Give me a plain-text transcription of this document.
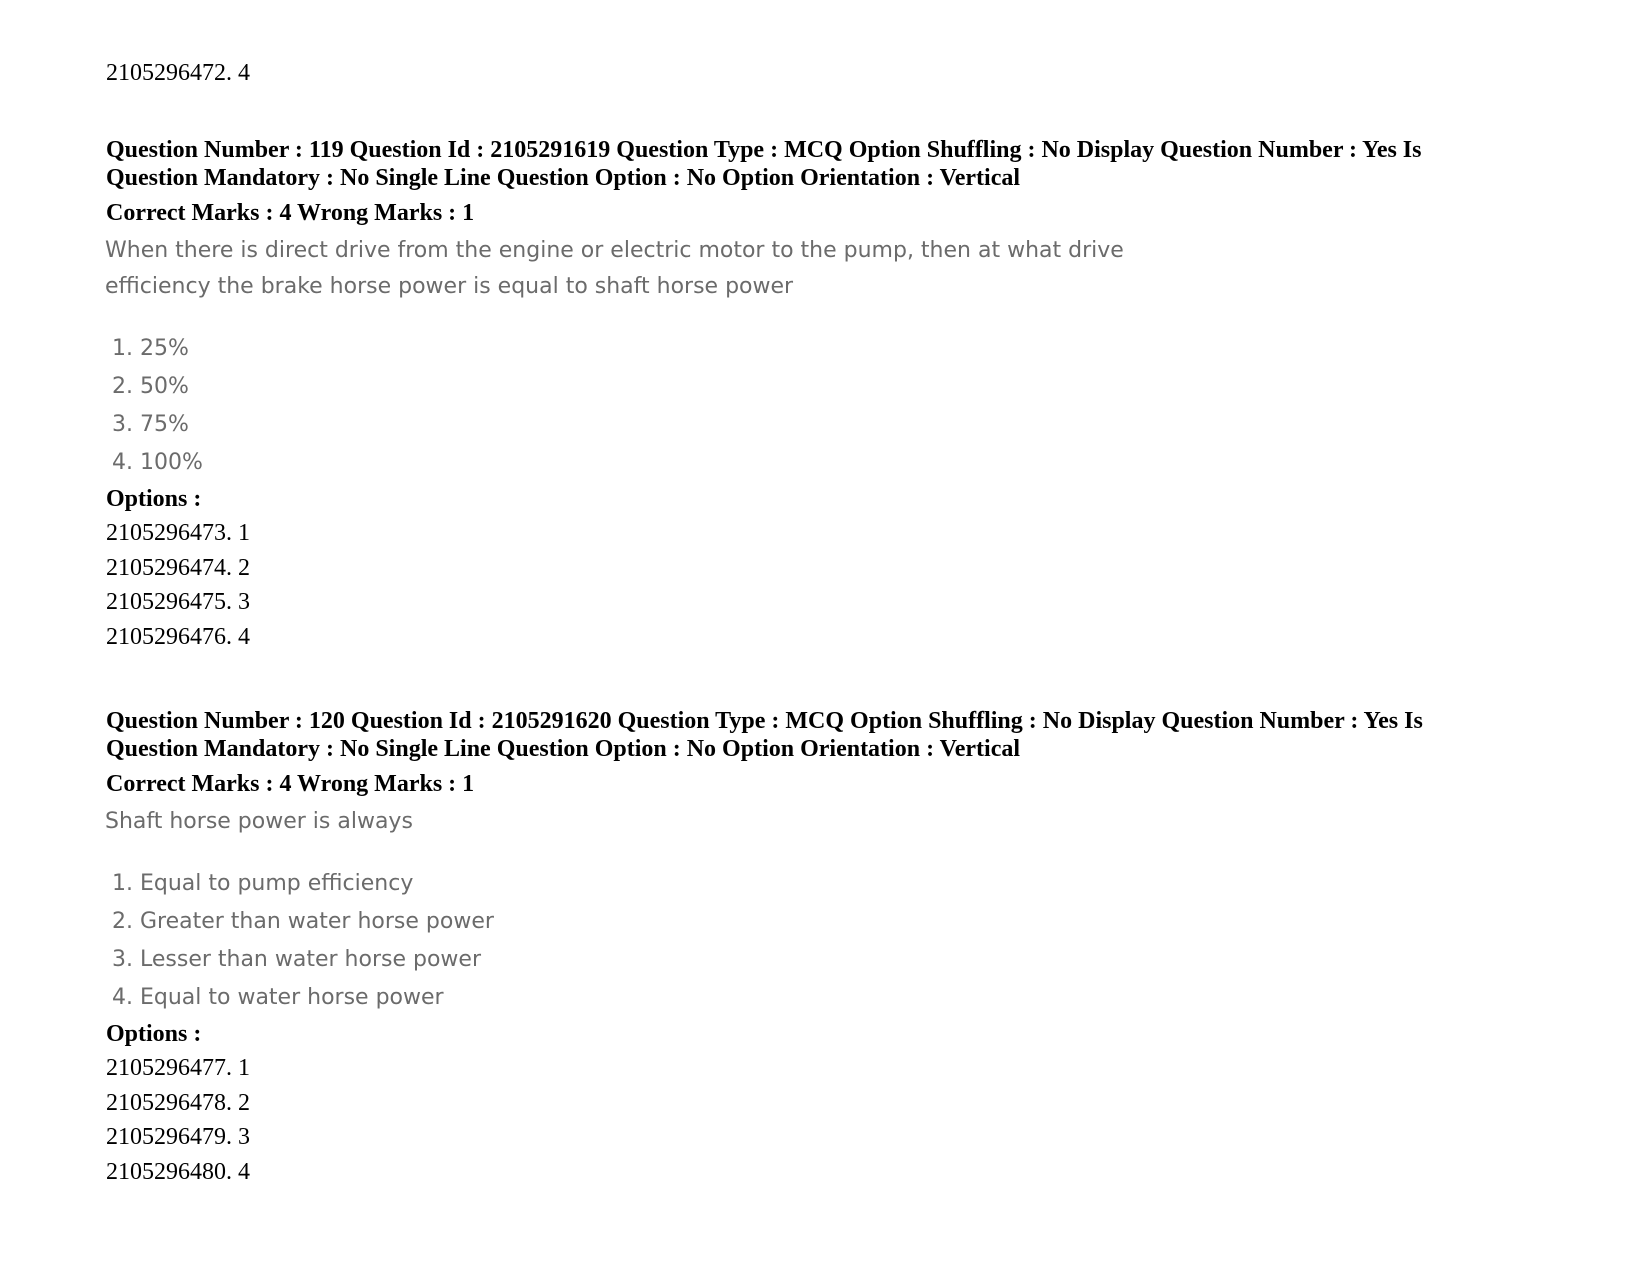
2105296472. 4

Question Number : 119 Question Id : 2105291619 Question Type : MCQ Option Shuffling : No Display Question Number : Yes Is

Question Mandatory : No Single Line Question Option : No Option Orientation : Vertical

Correct Marks : 4 Wrong Marks : 1

When there is direct drive from the engine or electric motor to the pump, then at what drive

efficiency the brake horse power is equal to shaft horse power

1. 25%
2. 50%
3. 75%
4. 100%

Options :

2105296473. 1

2105296474. 2

2105296475. 3

2105296476. 4

Question Number : 120 Question Id : 2105291620 Question Type : MCQ Option Shuffling : No Display Question Number : Yes Is

Question Mandatory : No Single Line Question Option : No Option Orientation : Vertical

Correct Marks : 4 Wrong Marks : 1

Shaft horse power is always

1. Equal to pump efficiency
2. Greater than water horse power
3. Lesser than water horse power
4. Equal to water horse power

Options :

2105296477. 1

2105296478. 2

2105296479. 3

2105296480. 4
